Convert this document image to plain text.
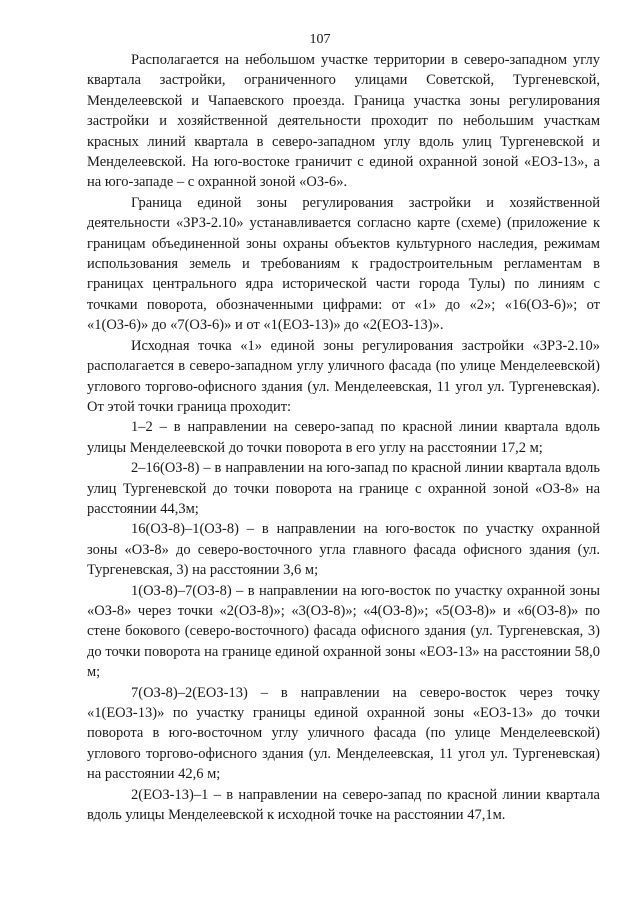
107

Располагается на небольшом участке территории в северо-западном углу квартала застройки, ограниченного улицами Советской, Тургеневской, Менделеевской и Чапаевского проезда. Граница участка зоны регулирования застройки и хозяйственной деятельности проходит по небольшим участкам красных линий квартала в северо-западном углу вдоль улиц Тургеневской и Менделеевской. На юго-востоке граничит с единой охранной зоной «ЕОЗ-13», а на юго-западе – с охранной зоной «ОЗ-6».

Граница единой зоны регулирования застройки и хозяйственной деятельности «ЗРЗ-2.10» устанавливается согласно карте (схеме) (приложение к границам объединенной зоны охраны объектов культурного наследия, режимам использования земель и требованиям к градостроительным регламентам в границах центрального ядра исторической части города Тулы) по линиям с точками поворота, обозначенными цифрами: от «1» до «2»; «16(ОЗ-6)»; от «1(ОЗ-6)» до «7(ОЗ-6)» и от «1(ЕОЗ-13)» до «2(ЕОЗ-13)».

Исходная точка «1» единой зоны регулирования застройки «ЗРЗ-2.10» располагается в северо-западном углу уличного фасада (по улице Менделеевской) углового торгово-офисного здания (ул. Менделеевская, 11 угол ул. Тургеневская). От этой точки граница проходит:

1–2 – в направлении на северо-запад по красной линии квартала вдоль улицы Менделеевской до точки поворота в его углу на расстоянии 17,2 м;

2–16(ОЗ-8) – в направлении на юго-запад по красной линии квартала вдоль улиц Тургеневской до точки поворота на границе с охранной зоной «ОЗ-8» на расстоянии 44,3м;

16(ОЗ-8)–1(ОЗ-8) – в направлении на юго-восток по участку охранной зоны «ОЗ-8» до северо-восточного угла главного фасада офисного здания (ул. Тургеневская, 3) на расстоянии 3,6 м;

1(ОЗ-8)–7(ОЗ-8) – в направлении на юго-восток по участку охранной зоны «ОЗ-8» через точки «2(ОЗ-8)»; «3(ОЗ-8)»; «4(ОЗ-8)»; «5(ОЗ-8)» и «6(ОЗ-8)» по стене бокового (северо-восточного) фасада офисного здания (ул. Тургеневская, 3) до точки поворота на границе единой охранной зоны «ЕОЗ-13» на расстоянии 58,0 м;

7(ОЗ-8)–2(ЕОЗ-13) – в направлении на северо-восток через точку «1(ЕОЗ-13)» по участку границы единой охранной зоны «ЕОЗ-13» до точки поворота в юго-восточном углу уличного фасада (по улице Менделеевской) углового торгово-офисного здания (ул. Менделеевская, 11 угол ул. Тургеневская) на расстоянии 42,6 м;

2(ЕОЗ-13)–1 – в направлении на северо-запад по красной линии квартала вдоль улицы Менделеевской к исходной точке на расстоянии 47,1м.
